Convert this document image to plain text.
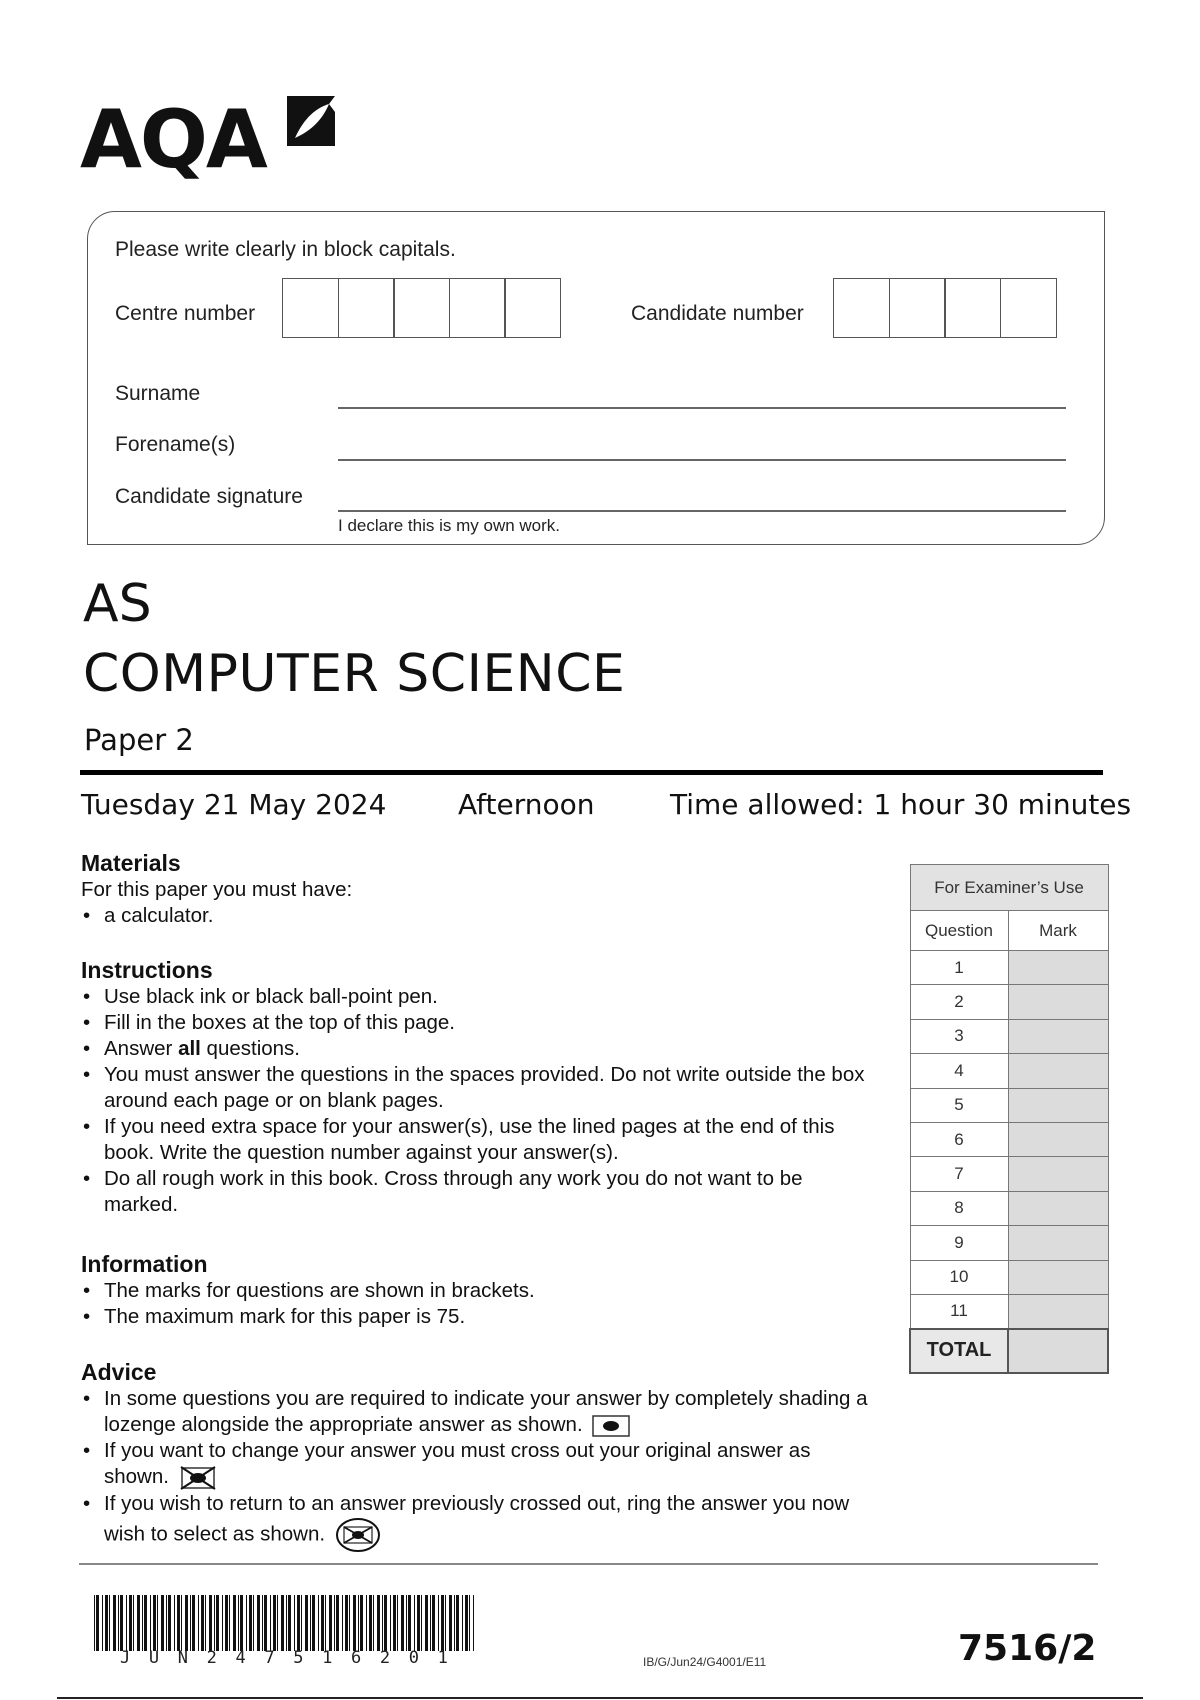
AQA
Please write clearly in block capitals.
Centre number	Candidate number
Surname
Forename(s)
Candidate signature
I declare this is my own work.
AS
COMPUTER SCIENCE
Paper 2
Tuesday 21 May 2024	Afternoon	Time allowed: 1 hour 30 minutes
Materials

For this paper you must have:

• a calculator.
Instructions
• Use black ink or black ball-point pen.
• Fill in the boxes at the top of this page.
• Answer all questions.
• You must answer the questions in the spaces provided. Do not write outside the box around each page or on blank pages.
• If you need extra space for your answer(s), use the lined pages at the end of this book. Write the question number against your answer(s).
• Do all rough work in this book. Cross through any work you do not want to be marked.
Information
• The marks for questions are shown in brackets.
• The maximum mark for this paper is 75.
Advice
• In some questions you are required to indicate your answer by completely shading a lozenge alongside the appropriate answer as shown.
• If you want to change your answer you must cross out your original answer as shown.
• If you wish to return to an answer previously crossed out, ring the answer you now wish to select as shown.
For Examiner’s Use	
Question	Mark
1	
2	
3	
4	
5	
6	
7	
8	
9	
10	
11	
TOTAL	
J U N 2 4 7 5 1 6 2 0 1	IB/G/Jun24/G4001/E11	7516/2
